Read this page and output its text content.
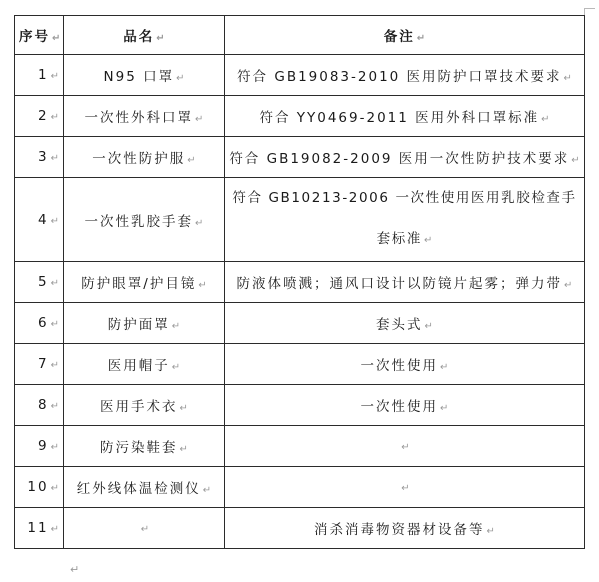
序号 ↵	品名 ↵	备注 ↵
1 ↵	N95 口罩 ↵	符合 GB19083-2010 医用防护口罩技术要求 ↵
2 ↵	一次性外科口罩 ↵	符合 YY0469-2011 医用外科口罩标准 ↵
3 ↵	一次性防护服 ↵	符合 GB19082-2009 医用一次性防护技术要求 ↵
4 ↵	一次性乳胶手套 ↵	符合 GB10213-2006 一次性使用医用乳胶检查手套标准 ↵
5 ↵	防护眼罩/护目镜 ↵	防液体喷溅；通风口设计以防镜片起雾；弹力带 ↵
6 ↵	防护面罩 ↵	套头式 ↵
7 ↵	医用帽子 ↵	一次性使用 ↵
8 ↵	医用手术衣 ↵	一次性使用 ↵
9 ↵	防污染鞋套 ↵	↵
10 ↵	红外线体温检测仪 ↵	↵
11 ↵	↵	消杀消毒物资器材设备等 ↵
↵
